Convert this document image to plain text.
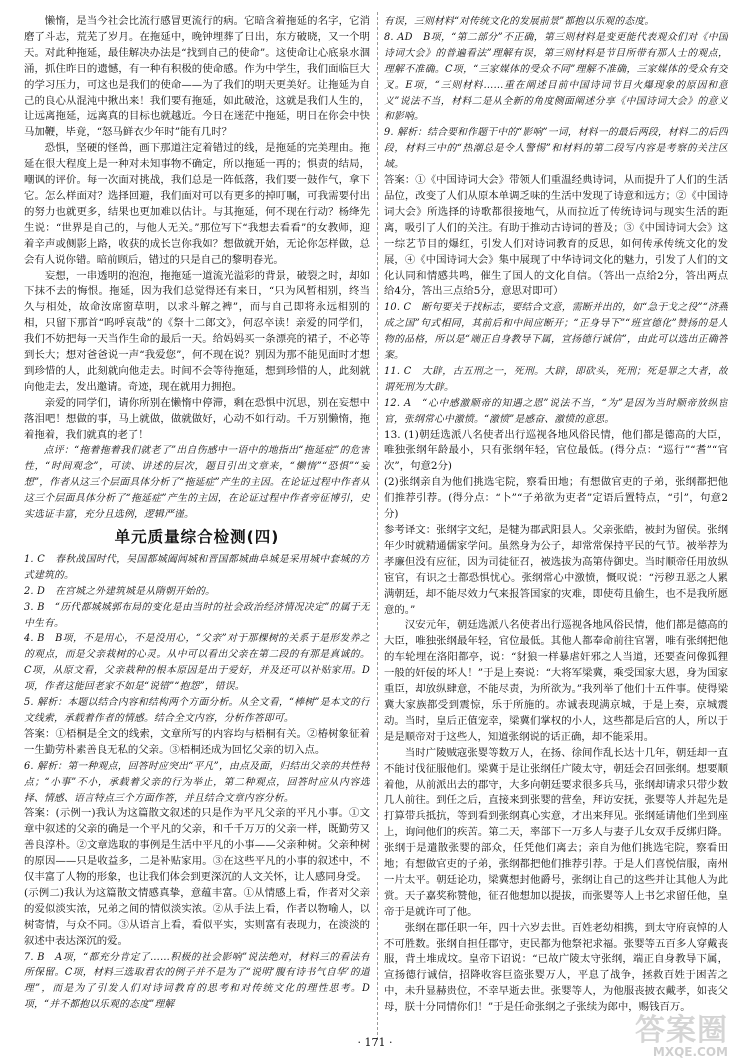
懒惰，是当今社会比流行感冒更流行的病。它暗含着拖延的名字，它消磨了斗志，荒芜了岁月。在拖延中，晚钟埋葬了日出，东方破晓，又一个明天。对此种拖延，最佳解决办法是“找到自己的使命”。这使命让心底泉水涸涌，抓住昨日的遗憾，有一种有积极的使命感。作为中学生，我们面临巨大的学习压力，可这也是我们的使命——为了我们的明天更美好。让拖延为自己的良心从混沌中揪出来！我们要有拖延，如此破沧，这就是我们人生的，让远离拖延，远离真的目标也就越近。今日在迷茫中拖延，明日在你会中快马加鞭，毕竟，“怒马鲜衣少年时”能有几时？

恐惧，坚硬的怪兽，画下那道注定着错过的线，是拖延的完美理由。拖延在很大程度上是一种对未知事物不确定，所以拖延一再的；惧责的结局，嘲讽的评价。每一次面对挑战，我们总是一阵低落，我们要一鼓作气，拿下它。怎么样面对？选择回避，我们面对可以有更多的掉叮嘱，可我需要付出的努力也就更多，结果也更加难以估计。与其拖延，何不现在行动？杨绛先生说：“世界是自己的，与他人无关。”那位写下“我想去看看”的女教师，迎着辛声或侧影上路，收获的成长岂你我如？想做就开始，无论你怎样做，总会有人说你错。暗前顾后，错过的只是自己的黎明春光。

妄想，一串透明的泡泡，拖拖延一道流光溢彩的背景，破裂之时，却如下抹不去的悔恨。拖延，因为我们总觉得还有来日，“只为风暂相别，终当久与相处，故命汝席窗草明，以求斗解之裨”，而与自己即将永远相别的相，只留下那首“呜呼哀哉”的《祭十二郎文》，何忍卒读！亲爱的同学们，我们不妨把每一天当作生命的最后一天。给妈妈买一条漂亮的裙子，不必等到长大；想对爸爸说一声“我爱您”，何不现在说？别因为那不能见面时才想到珍惜的人，此刻就向他走去。时间不会等待拖延，想到珍惜的人，此刻就向他走去，发出邀请。奇迹，现在就用力拥抱。

亲爱的同学们，请你所别在懒惰中停滞，剩在恐惧中沉思，别在妄想中落泪吧！想做的事，马上就做，做就做好，心动不如行动。千万别懒惰，拖着拖着，我们就真的老了！

点评：“拖着拖着我们就老了”出自伤感中一语中的地指出“拖延症”的危害性，“时间观念”，可读、讲述的层次，题目引出文章来，“懒惰”“恐惧”“妄想”，作者从这三个层面具体分析了“拖延症”产生的主因。在论证过程中作者从这三个层面具体分析了“拖延症”产生的主因，在论证过程中作者旁征博引，史实选证丰富，充分且选例，逻辑严谨。

单元质量综合检测(四)

1. C　春秋战国时代，吴国都城阖闾城和晋国都城曲阜城是采用城中套城的方式建筑的。

2. D　在宫城之外建筑城是从隋朝开始的。

3. B　“历代都城城郭布局的变化是由当时的社会政治经济情况决定”的属于无中生有。

4. B　B项，不是用心，不是没用心，“父亲”对于那棵树的关系于是形发养之的观点，而是父亲栽树的心灵。从中可以看出父亲在第二段的有那是真诚的。C项，从原文看，父亲栽种的根本原因是出于爱好，并及还可以补贴家用。D项，作者这能回老家不如是“说错”“抱怨”，错误。

5. 解析：本题以结合内容和结构两个方面分析。从全文看，“棒树”是本文的行文线索，承载着作者的情感。结合全文内容，分析作答即可。

答案：①梧桐是全文的线索，文章所写的内容均与梧桐有关。②椿树象征着一生勤劳朴素善良无私的父亲。③梧桐还成为回忆父亲的切入点。

6. 解析：第一种观点，回答时应突出“平凡”，由点及面，归结出父亲的共性特点；“小事”不小，承载着父亲的行为举止，第二种观点，回答时应从内容选择、情感、语言特点三个方面作答，并且结合文章内容分析。

答案：(示例一)我认为这篇散文叙述的只是作为平凡父亲的平凡小事。①文章中叙述的父亲的确是一个平凡的父亲，和千千万万的父亲一样，既勤劳又善良淳朴。②文章选取的事例是生活中平凡的小事——父亲种树。父亲种树的原因——只是收益多，二是补贴家用。③在这些平凡的小事的叙述中，不仅丰富了人物的形象，也让我们体会到更深沉的人文关怀，让人感同身受。

(示例二)我认为这篇散文情感真挚，意蕴丰富。①从情感上看，作者对父亲的爱似淡实浓，兄弟之间的情似淡实浓。②从手法上看，作者以物喻人，以树寄情，与众不同。③从语言上看，看似平实，实则富有表现力，在淡淡的叙述中表达深沉的爱。

7. B　A项，“都充分肯定了……积极的社会影响”说法绝对，材料三的看法有所保留。C项，材料三选取君农的例子并不是为了“说明‘腹有诗书气自华’的道理”，而是为了引发人们对诗词教育的思考和对传统文化的理性思考。D项，“并不都抱以乐观的态度”理解

有误，三则材料“对传统文化的发展前景”都抱以乐观的态度。

8. AD　B项，“第二部分”不正确，第三则材料是变更能代表观众们对《中国诗词大会》的普遍看法”理解有误，第三则材料是节目所带有那人士的观点，理解不准确。C项，“三家媒体的受众不同”理解不准确，三家媒体的受众有交叉。E项，“三则材料……重在阐述目前中国诗词节目火爆现象的原因和意义”说法不当，材料二是从全新的角度侧面阐述分享《中国诗词大会》的意义和影响。

9. 解析：结合要和作题干中的“影响”一词，材料一的最后两段，材料二的后四段，材料三中的“热潮总是令人警惕”和材料的第二段写内容是考察的关注区域。

答案：①《中国诗词大会》带领人们重温经典诗词，从而提升了人们的生活品位，改变了人们从原本单调乏味的生活中发现了诗意和远方；②《中国诗词大会》所选择的诗歌都很接地气，从而拉近了传统诗词与现实生活的距离，吸引了人们的关注。有助于推动古诗词的普及；③《中国诗词大会》这一综艺节目的爆红，引发人们对诗词教育的反思，如何传承传统文化的发展，④《中国诗词大会》集中展现了中华诗词文化的魅力，引发了人们的文化认同和情感共鸣，催生了国人的文化自信。（答出一点给2分，答出两点给4分，答出三点给5分，意思对即可）

10. C　断句要关于找标志，要结合文意，需断并出的，如“急于戈之役”“济燕成之国”句式相同，其前后和中间应断开；“正身导下”“班宣德化”赞扬的是人物的品格，所以是“端正自身教导下属，宣扬德行诚信”，由此可以选出正确答案。

11. C　大辟，古五刑之一，死刑。大辟，即砍头，死刑；死是罪之大者，故谓死刑为大辟。

12. A　“心中感激顺帝的知遇之恩”说法不当，“为”是因为当时顺帝放纵宦官，张纲常心中激愤。“激愤”是感奋、激愤的意思。

13. (1)朝廷选派八名使者出行巡视各地风俗民情，他们都是德高的大臣，唯独张纲年龄最小，只有张纲年轻，官位最低。(得分点：“巡行”“耆”“官次”，句意2分)

(2)张纲亲自为他们挑选宅院，察看田地；有想做官吏的子弟，张纲都把他们推荐引荐。(得分点：“卜”“子弟欲为吏者”定语后置特点，“引”，句意2分)

参考译文：张纲字文纪，是犍为郡武阳县人。父亲张皓，被封为留侯。张纲年少时就精通儒家学问。虽然身为公子，却常常保持平民的气节。被举荐为孝廉但没有应征，因为司徒征召，被选拔为高第侍御史。当时顺帝任用放纵宦官，有识之士都恐惧忧心。张纲常心中激愤，慨叹说：“污秽丑恶之人累满朝廷，却不能尽效力气来报答国家的灾难，即使苟且偷生，也不是我所愿意的。”

汉安元年，朝廷选派八名使者出行巡视各地风俗民情，他们都是德高的大臣，唯独张纲最年轻，官位最低。其他人都奉命前往官署，唯有张纲把他的车轮埋在洛阳都亭，说：“豺狼一样暴虐奸邪之人当道，还要查问像狐狸一般的奸佞的坏人！”于是上奏说：“大将军梁冀，乘受国家大恩，身为国家重臣，却放纵肆意，不能尽责，为所欲为。”我列举了他们十五件事。使得梁冀大家族都受到震惊，乐于所施的。赤诚表现满京城，于是上奏，京城震动。当时，皇后正值宠幸，梁冀们掌权的小人，这些都是后宫的人，所以于是是顺帝对于这些人，知道张纲说的话正确，却不能采用。

当时广陵贼寇张婴等数万人，在扬、徐间作乱长达十几年，朝廷却一直不能讨伐征服他们。梁冀于是让张纲任广陵太守，朝廷会召回张纲。想要顺着他，从前派出去的郡守，大多向朝廷要求很多兵马，张纲却请求只带少数几人前往。到任之后，直接来到张婴的营垒，拜访安抚，张婴等人并起先是打算带兵抵抗，等到看到张纲真心实意，才出来拜见。张纲延请他们坐到座上，询问他们的疾苦。第二天，率部下一万多人与妻子儿女双手反绑归降。张纲于是遣散张婴的部众，任凭他们离去；亲自为他们挑选宅院，察看田地；有想做官吏的子弟，张纲都把他们推荐引荐。于是人们喜悦信服，南州一片太平。朝廷论功，梁冀想封他爵号，张纲让自己的这些并让其他人为此赏。天子嘉奖称赞他，征召他想加以提拔，而张婴等人上书乞求留任他，皇帝于是就许可了他。

张纲在郡任职一年，四十六岁去世。百姓老幼相携，到太守府哀悼的人不可胜数。张纲自担任郡守，吏民都为他祭祀求福。张婴等五百多人穿戴丧服，背土堆成坟。皇帝下诏说：“已故广陵太守张纲，端正自身教导下属，宣扬德行诚信，招降收容巨盗张婴万人，平息了战争，拯救百姓于困苦之中，未升显赫贵位，不幸早逝去世。张婴等人，为他服丧披衣戴孝，如丧父母，朕十分同情你们！”于是任命张纲之子张续为郎中，赐钱百万。

· 171 ·	答案圈
MXQE.COM
